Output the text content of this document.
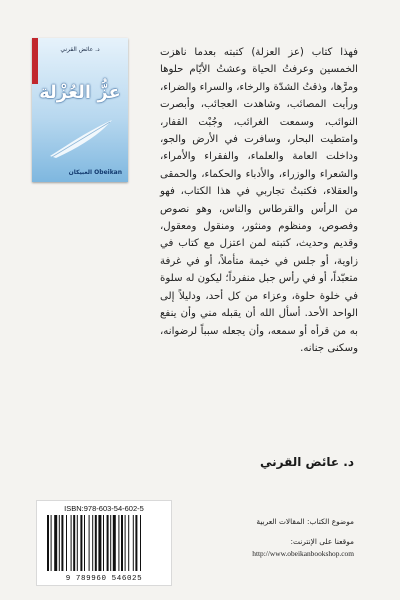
د. عائض القرني
عزُّ العُزْلة
العبيكان Obeikan
فهذا كتاب (عز العزلة) كتبته بعدما ناهزت الخمسين وعرفتُ الحياة وعشتُ الأيّام حلوها ومرَّها، وذقتُ الشدّة والرخاء، والسراء والضراء، ورأيت المصائب، وشاهدت العجائب، وأبصرت النوائب، وسمعت الغرائب، وجُبْت القفار، وامتطيت البحار، وسافرت في الأرض والجو، وداخلت العامة والعلماء، والفقراء والأمراء، والشعراء والوزراء، والأدباء والحكماء، والحمقى والعقلاء، فكتبتُ تجاربي في هذا الكتاب، فهو من الرأس والقرطاس والناس، وهو نصوص وفصوص، ومنظوم ومنثور، ومنقول ومعقول، وقديم وحديث، كتبته لمن اعتزل مع كتاب في زاوية، أو جلس في خيمة متأملاً، أو في غرفة متعبّداً، أو في رأس جبل منفرداً؛ ليكون له سلوة في خلوة حلوة، وعزاء من كل أحد، ودليلاً إلى الواحد الأحد. أسأل الله أن يقبله مني وأن ينفع به من قرأه أو سمعه، وأن يجعله سبباً لرضوانه، وسكنى جنانه.
د. عائض القرني
ISBN:978-603-54-602-5
9 789960 546025
موضوع الكتاب: المقالات العربية
موقعنا على الإنترنت:
http://www.obeikanbookshop.com
